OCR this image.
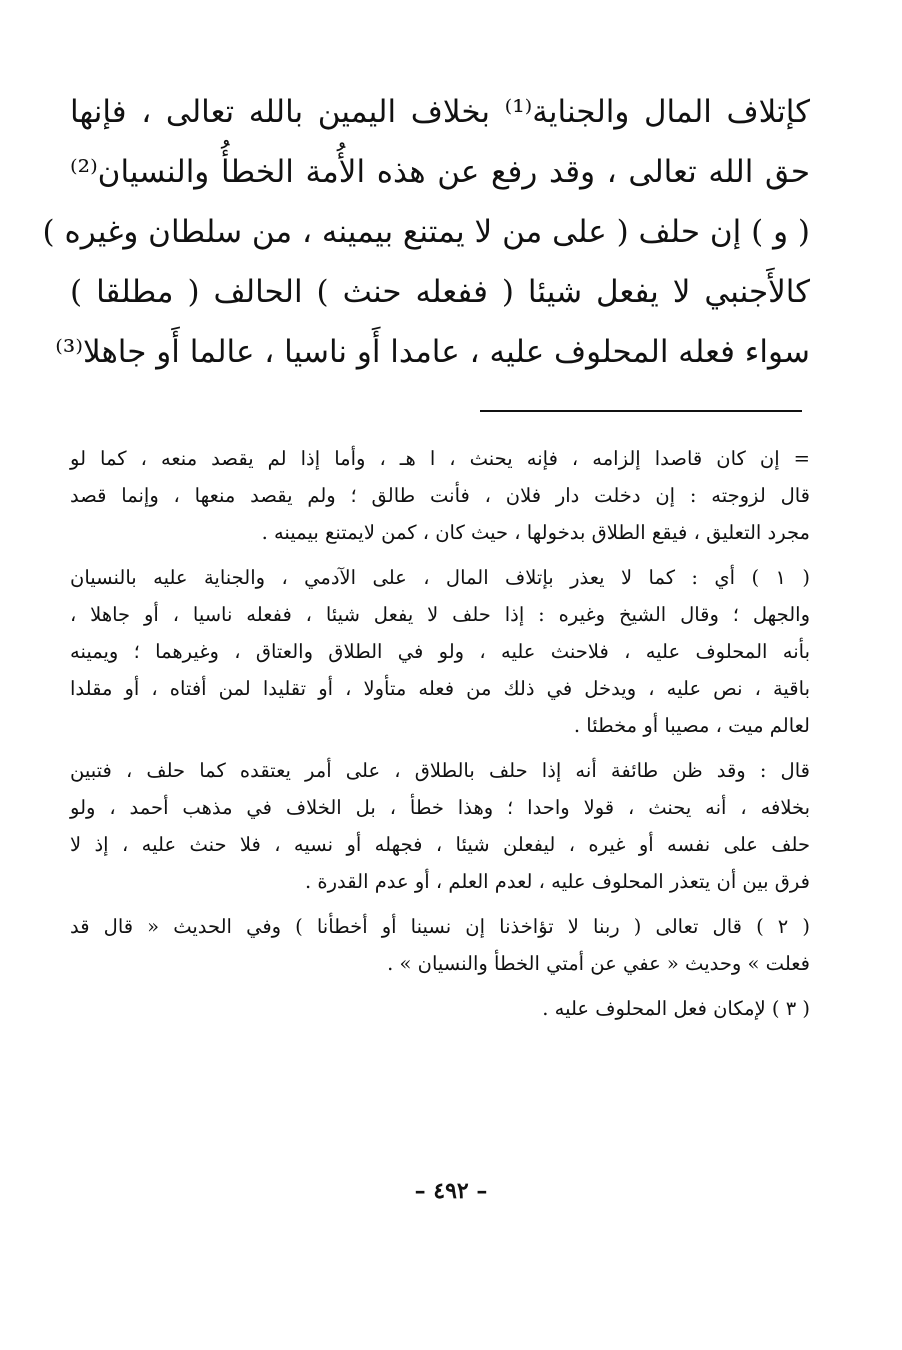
كإتلاف المال والجناية⁽¹⁾ بخلاف اليمين بالله تعالى ، فإنها
حق الله تعالى ، وقد رفع عن هذه الأُمة الخطأُ والنسيان⁽²⁾
( و ) إن حلف ( على من لا يمتنع بيمينه ، من سلطان وغيره )
كالأَجنبي لا يفعل شيئا ( ففعله حنث ) الحالف ( مطلقا )
سواء فعله المحلوف عليه ، عامدا أَو ناسيا ، عالما أَو جاهلا⁽³⁾
= إن كان قاصدا إلزامه ، فإنه يحنث ، ا هـ ، وأما إذا لم يقصد منعه ، كما لو
قال لزوجته : إن دخلت دار فلان ، فأنت طالق ؛ ولم يقصد منعها ، وإنما قصد
مجرد التعليق ، فيقع الطلاق بدخولها ، حيث كان ، كمن لايمتنع بيمينه .
( ١ ) أي : كما لا يعذر بإتلاف المال ، على الآدمي ، والجناية عليه بالنسيان
والجهل ؛ وقال الشيخ وغيره : إذا حلف لا يفعل شيئا ، ففعله ناسيا ، أو جاهلا ،
بأنه المحلوف عليه ، فلاحنث عليه ، ولو في الطلاق والعتاق ، وغيرهما ؛ ويمينه
باقية ، نص عليه ، ويدخل في ذلك من فعله متأولا ، أو تقليدا لمن أفتاه ، أو مقلدا
لعالم ميت ، مصيبا أو مخطئا .
قال : وقد ظن طائفة أنه إذا حلف بالطلاق ، على أمر يعتقده كما حلف ، فتبين
بخلافه ، أنه يحنث ، قولا واحدا ؛ وهذا خطأ ، بل الخلاف في مذهب أحمد ، ولو
حلف على نفسه أو غيره ، ليفعلن شيئا ، فجهله أو نسيه ، فلا حنث عليه ، إذ لا
فرق بين أن يتعذر المحلوف عليه ، لعدم العلم ، أو عدم القدرة .
( ٢ ) قال تعالى ( ربنا لا تؤاخذنا إن نسينا أو أخطأنا ) وفي الحديث « قال قد
فعلت » وحديث « عفي عن أمتي الخطأ والنسيان » .
( ٣ ) لإمكان فعل المحلوف عليه .
– ٤٩٢ –
